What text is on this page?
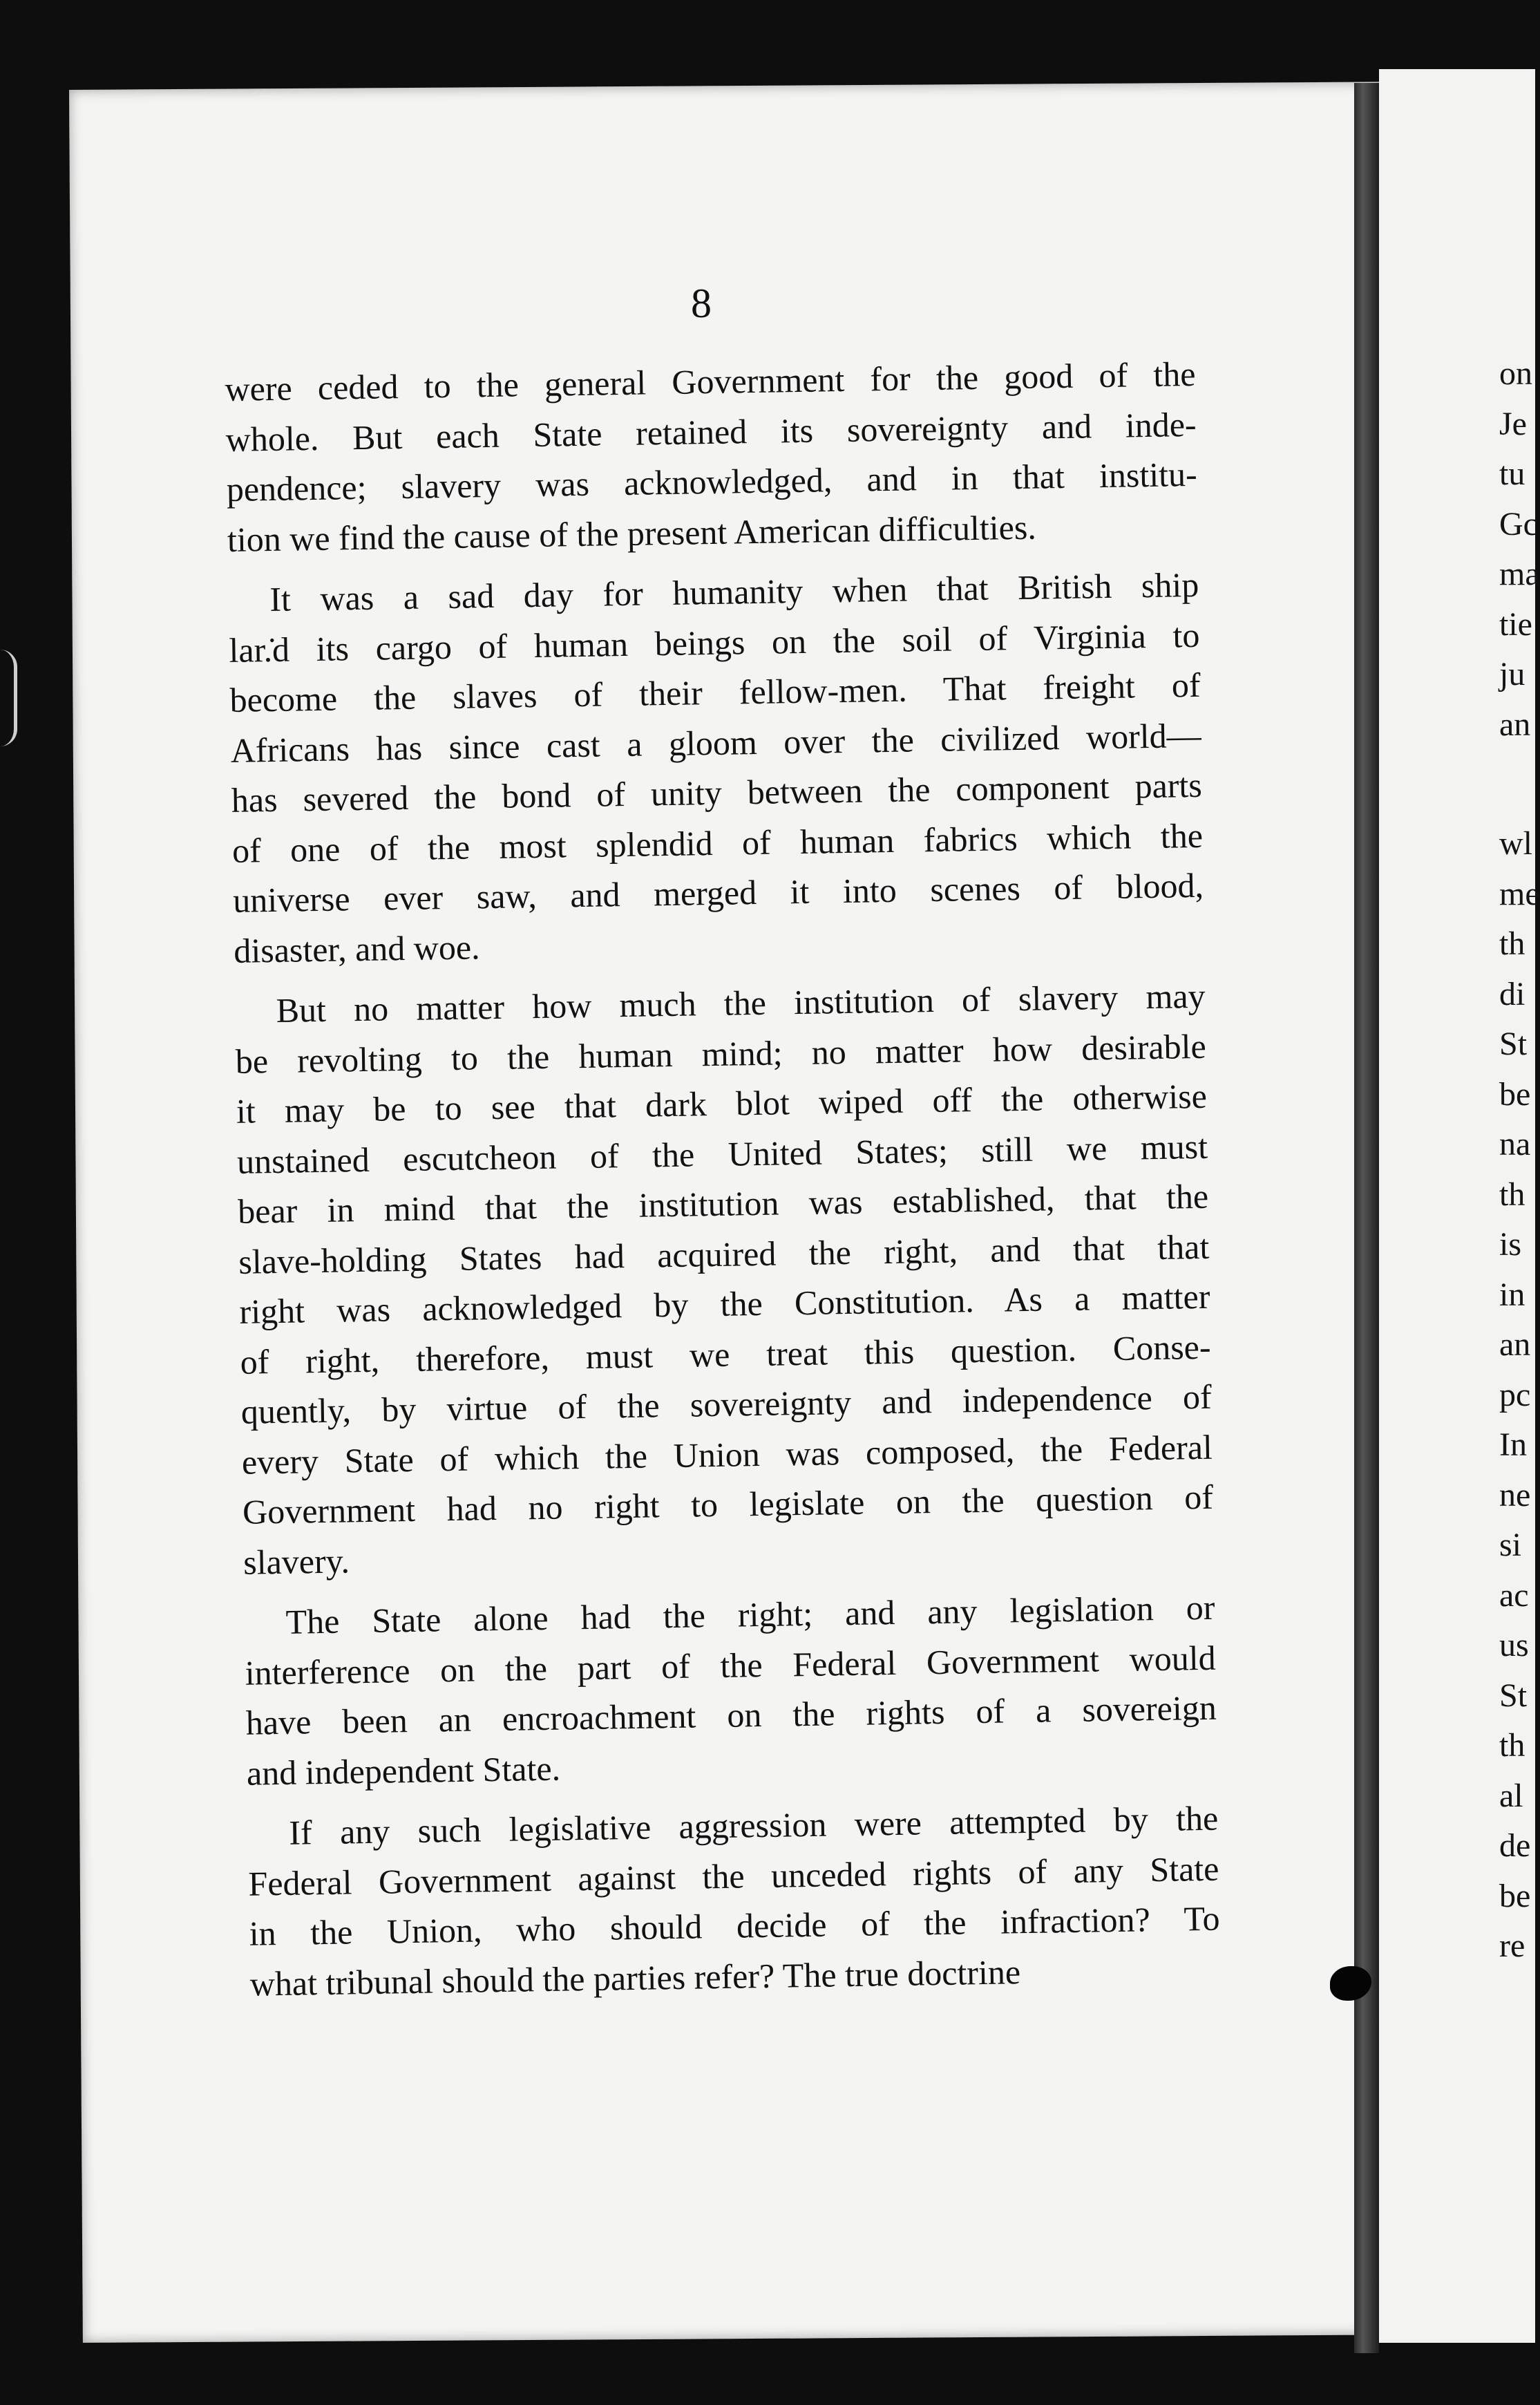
8
were ceded to the general Government for the good of the
whole. But each State retained its sovereignty and inde-
pendence; slavery was acknowledged, and in that institu-
tion we find the cause of the present American difficulties.
It was a sad day for humanity when that British ship
lar.̇d its cargo of human beings on the soil of Virginia to
become the slaves of their fellow-men. That freight of
Africans has since cast a gloom over the civilized world—
has severed the bond of unity between the component parts
of one of the most splendid of human fabrics which the
universe ever saw, and merged it into scenes of blood,
disaster, and woe.
But no matter how much the institution of slavery may
be revolting to the human mind; no matter how desirable
it may be to see that dark blot wiped off the otherwise
unstained escutcheon of the United States; still we must
bear in mind that the institution was established, that the
slave-holding States had acquired the right, and that that
right was acknowledged by the Constitution. As a matter
of right, therefore, must we treat this question. Conse-
quently, by virtue of the sovereignty and independence of
every State of which the Union was composed, the Federal
Government had no right to legislate on the question of
slavery.
The State alone had the right; and any legislation or
interference on the part of the Federal Government would
have been an encroachment on the rights of a sovereign
and independent State.
If any such legislative aggression were attempted by the
Federal Government against the unceded rights of any State
in the Union, who should decide of the infraction? To
what tribunal should the parties refer? The true doctrine
on
Je
tu
Gc
ma
tie
ju
an
wl
me
th
di
St
be
na
th
is
in
an
pc
In
ne
si
ac
us
St
th
al
de
be
re
